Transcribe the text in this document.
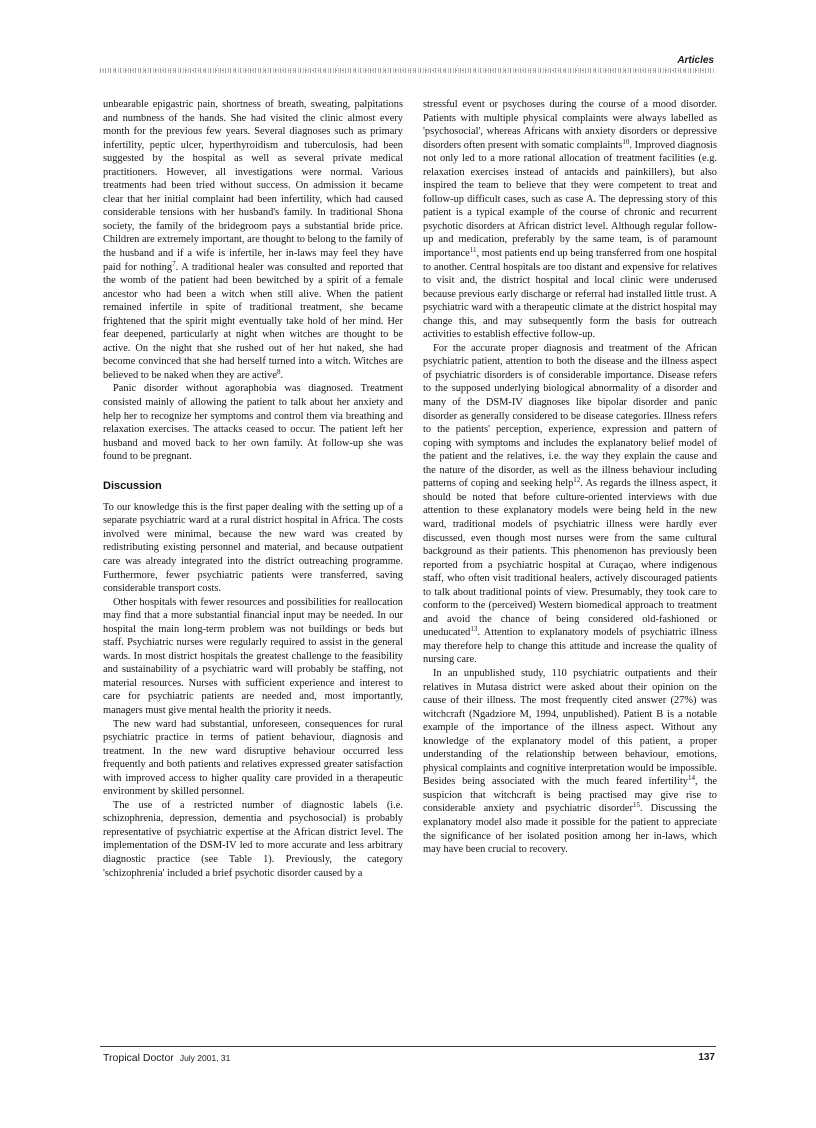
Articles

unbearable epigastric pain, shortness of breath, sweating, palpitations and numbness of the hands. She had visited the clinic almost every month for the previous few years. Several diagnoses such as primary infertility, peptic ulcer, hyperthyroidism and tuberculosis, had been suggested by the hospital as well as several private medical practitioners. However, all investigations were normal. Various treatments had been tried without success. On admission it became clear that her initial complaint had been infertility, which had caused considerable tensions with her husband's family. In traditional Shona society, the family of the bridegroom pays a substantial bride price. Children are extremely important, are thought to belong to the family of the husband and if a wife is infertile, her in-laws may feel they have paid for nothing$^7$. A traditional healer was consulted and reported that the womb of the patient had been bewitched by a spirit of a female ancestor who had been a witch when still alive. When the patient remained infertile in spite of traditional treatment, she became frightened that the spirit might eventually take hold of her mind. Her fear deepened, particularly at night when witches are thought to be active. On the night that she rushed out of her hut naked, she had become convinced that she had herself turned into a witch. Witches are believed to be naked when they are active$^8$.

Panic disorder without agoraphobia was diagnosed. Treatment consisted mainly of allowing the patient to talk about her anxiety and help her to recognize her symptoms and control them via breathing and relaxation exercises. The attacks ceased to occur. The patient left her husband and moved back to her own family. At follow-up she was found to be pregnant.

Discussion

To our knowledge this is the first paper dealing with the setting up of a separate psychiatric ward at a rural district hospital in Africa. The costs involved were minimal, because the new ward was created by redistributing existing personnel and material, and because outpatient care was already integrated into the district outreaching programme. Furthermore, fewer psychiatric patients were transferred, saving considerable transport costs.

Other hospitals with fewer resources and possibilities for reallocation may find that a more substantial financial input may be needed. In our hospital the main long-term problem was not buildings or beds but staff. Psychiatric nurses were regularly required to assist in the general wards. In most district hospitals the greatest challenge to the feasibility and sustainability of a psychiatric ward will probably be staffing, not material resources. Nurses with sufficient experience and interest to care for psychiatric patients are needed and, most importantly, managers must give mental health the priority it needs.

The new ward had substantial, unforeseen, consequences for rural psychiatric practice in terms of patient behaviour, diagnosis and treatment. In the new ward disruptive behaviour occurred less frequently and both patients and relatives expressed greater satisfaction with improved access to higher quality care provided in a therapeutic environment by skilled personnel.

The use of a restricted number of diagnostic labels (i.e. schizophrenia, depression, dementia and psychosocial) is probably representative of psychiatric expertise at the African district level. The implementation of the DSM-IV led to more accurate and less arbitrary diagnostic practice (see Table 1). Previously, the category 'schizophrenia' included a brief psychotic disorder caused by a

stressful event or psychoses during the course of a mood disorder. Patients with multiple physical complaints were always labelled as 'psychosocial', whereas Africans with anxiety disorders or depressive disorders often present with somatic complaints$^{10}$. Improved diagnosis not only led to a more rational allocation of treatment facilities (e.g. relaxation exercises instead of antacids and painkillers), but also inspired the team to believe that they were competent to treat and follow-up difficult cases, such as case A. The depressing story of this patient is a typical example of the course of chronic and recurrent psychotic disorders at African district level. Although regular follow-up and medication, preferably by the same team, is of paramount importance$^{11}$, most patients end up being transferred from one hospital to another. Central hospitals are too distant and expensive for relatives to visit and, the district hospital and local clinic were underused because previous early discharge or referral had installed little trust. A psychiatric ward with a therapeutic climate at the district hospital may change this, and may subsequently form the basis for outreach activities to establish effective follow-up.

For the accurate proper diagnosis and treatment of the African psychiatric patient, attention to both the disease and the illness aspect of psychiatric disorders is of considerable importance. Disease refers to the supposed underlying biological abnormality of a disorder and many of the DSM-IV diagnoses like bipolar disorder and panic disorder as generally considered to be disease categories. Illness refers to the patients' perception, experience, expression and pattern of coping with symptoms and includes the explanatory belief model of the patient and the relatives, i.e. the way they explain the cause and the nature of the disorder, as well as the illness behaviour including patterns of coping and seeking help$^{12}$. As regards the illness aspect, it should be noted that before culture-oriented interviews with due attention to these explanatory models were being held in the new ward, traditional models of psychiatric illness were hardly ever discussed, even though most nurses were from the same cultural background as their patients. This phenomenon has previously been reported from a psychiatric hospital at Curaçao, where indigenous staff, who often visit traditional healers, actively discouraged patients to talk about traditional points of view. Presumably, they took care to conform to the (perceived) Western biomedical approach to treatment and avoid the chance of being considered old-fashioned or uneducated$^{13}$. Attention to explanatory models of psychiatric illness may therefore help to change this attitude and increase the quality of nursing care.

In an unpublished study, 110 psychiatric outpatients and their relatives in Mutasa district were asked about their opinion on the cause of their illness. The most frequently cited answer (27%) was witchcraft (Ngadziore M, 1994, unpublished). Patient B is a notable example of the importance of the illness aspect. Without any knowledge of the explanatory model of this patient, a proper understanding of the relationship between behaviour, emotions, physical complaints and cognitive interpretation would be impossible. Besides being associated with the much feared infertility$^{14}$, the suspicion that witchcraft is being practised may give rise to considerable anxiety and psychiatric disorder$^{15}$. Discussing the explanatory model also made it possible for the patient to appreciate the significance of her isolated position among her in-laws, which may have been crucial to recovery.

Tropical Doctor July 2001, 31	137
